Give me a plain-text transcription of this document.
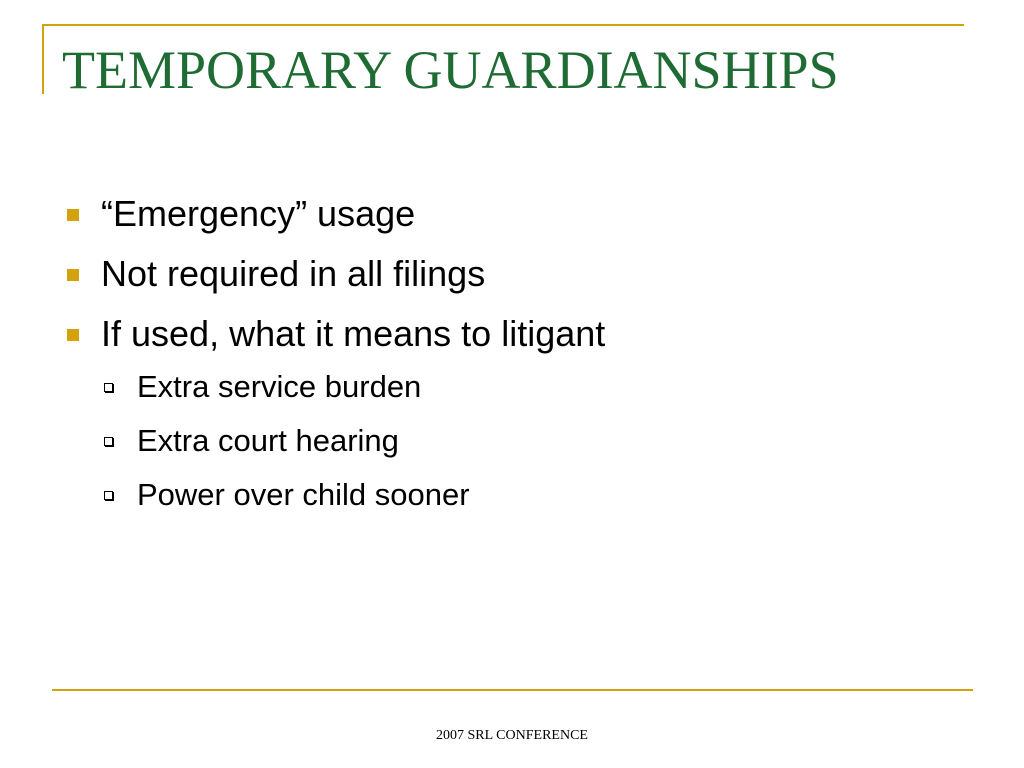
TEMPORARY GUARDIANSHIPS
“Emergency” usage
Not required in all filings
If used, what it means to litigant
Extra service burden
Extra court hearing
Power over child sooner
2007 SRL CONFERENCE
